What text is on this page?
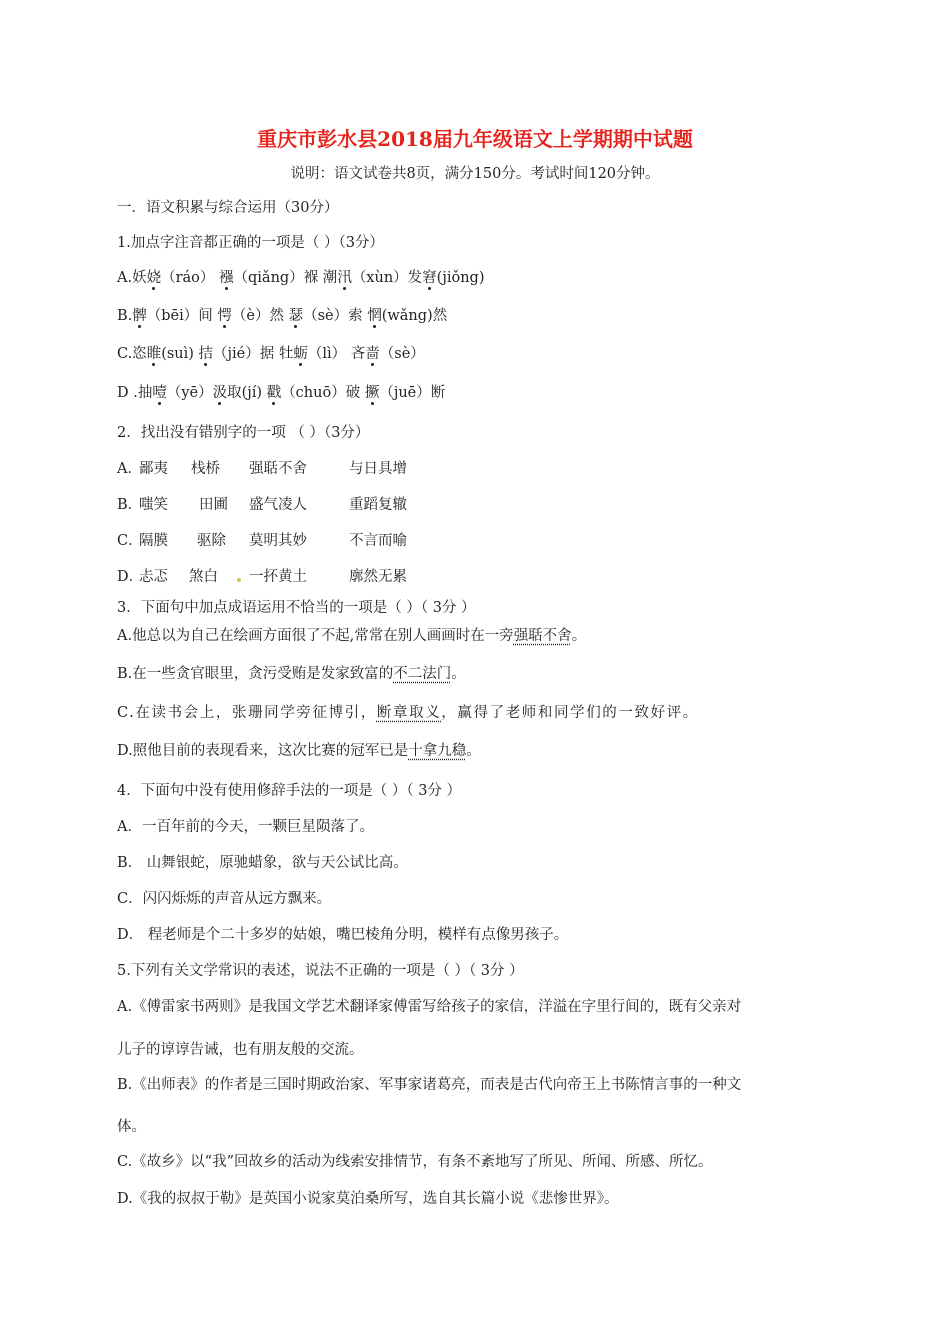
重庆市彭水县2018届九年级语文上学期期中试题
说明：语文试卷共8页，满分150分。考试时间120分钟。
一．语文积累与综合运用（30分）
1.加点字注音都正确的一项是（ ）（3分）
A.妖娆（ráo） 襁（qiǎng）褓 潮汛（xùn）发窘(jiǒng)
B.髀（bēi）间 愕（è）然 瑟（sè）索 惘(wǎng)然
C.恣睢(suì) 拮（jié）据 牡蛎（lì） 吝啬（sè）
D .抽噎（yē）汲取(jí) 戳（chuō）破 撅（juē）断
2．找出没有错别字的一项 （ ）（3分）
A．鄙夷 栈桥 强聒不舍	与日具增
B．嗤笑 田圃 盛气凌人	重蹈复辙
C．隔膜 驱除 莫明其妙	不言而喻
D．忐忑 煞白 一抔黄土	廓然无累
3．下面句中加点成语运用不恰当的一项是（ ）（ 3分 ）
A.他总以为自己在绘画方面很了不起,常常在别人画画时在一旁强聒不舍。
B.在一些贪官眼里，贪污受贿是发家致富的不二法门。
C.在读书会上，张珊同学旁征博引，断章取义，赢得了老师和同学们的一致好评。
D.照他目前的表现看来，这次比赛的冠军已是十拿九稳。
4．下面句中没有使用修辞手法的一项是（ ）（ 3分 ）
A．一百年前的今天，一颗巨星陨落了。
B． 山舞银蛇，原驰蜡象，欲与天公试比高。
C．闪闪烁烁的声音从远方飘来。
D． 程老师是个二十多岁的姑娘，嘴巴棱角分明，模样有点像男孩子。
5.下列有关文学常识的表述，说法不正确的一项是（ ）（ 3分 ）
A.《傅雷家书两则》是我国文学艺术翻译家傅雷写给孩子的家信，洋溢在字里行间的，既有父亲对
儿子的谆谆告诫，也有朋友般的交流。
B.《出师表》的作者是三国时期政治家、军事家诸葛亮，而表是古代向帝王上书陈情言事的一种文
体。
C.《故乡》以“我”回故乡的活动为线索安排情节，有条不紊地写了所见、所闻、所感、所忆。
D.《我的叔叔于勒》是英国小说家莫泊桑所写，选自其长篇小说《悲惨世界》。
